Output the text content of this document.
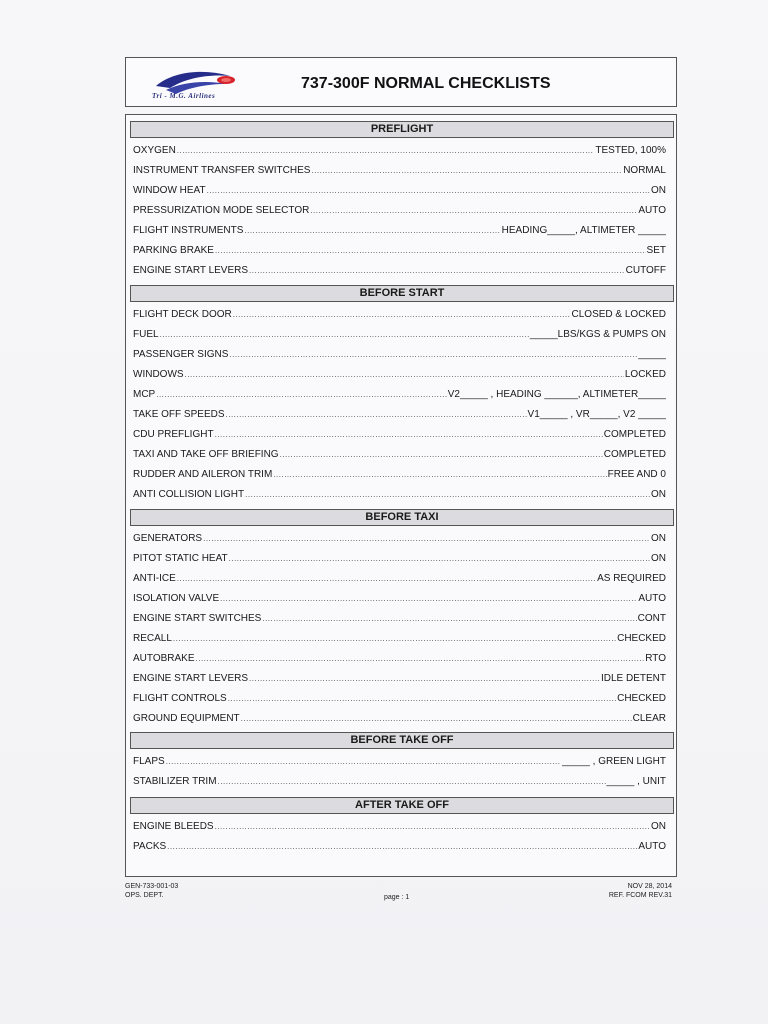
Tri - M.G. Airlines
737-300F NORMAL CHECKLISTS
PREFLIGHT
OXYGEN .....	TESTED, 100%
INSTRUMENT TRANSFER SWITCHES .....	NORMAL
WINDOW HEAT .....	ON
PRESSURIZATION MODE SELECTOR .....	AUTO
FLIGHT INSTRUMENTS .....	HEADING_____, ALTIMETER _____
PARKING BRAKE .....	SET
ENGINE START LEVERS .....	CUTOFF
BEFORE START
FLIGHT DECK DOOR .....	CLOSED & LOCKED
FUEL .....	_____LBS/KGS & PUMPS ON
PASSENGER SIGNS .....	_____
WINDOWS .....	LOCKED
MCP .....	V2_____ , HEADING ______, ALTIMETER_____
TAKE OFF SPEEDS .....	V1_____ , VR_____, V2 _____
CDU PREFLIGHT .....	COMPLETED
TAXI AND TAKE OFF BRIEFING .....	COMPLETED
RUDDER AND AILERON TRIM .....	FREE AND 0
ANTI COLLISION LIGHT .....	ON
BEFORE TAXI
GENERATORS .....	ON
PITOT STATIC HEAT .....	ON
ANTI-ICE .....	AS REQUIRED
ISOLATION VALVE .....	AUTO
ENGINE START SWITCHES .....	CONT
RECALL .....	CHECKED
AUTOBRAKE .....	RTO
ENGINE START LEVERS .....	IDLE DETENT
FLIGHT CONTROLS .....	CHECKED
GROUND EQUIPMENT .....	CLEAR
BEFORE TAKE OFF
FLAPS .....	_____ , GREEN LIGHT
STABILIZER TRIM .....	_____ , UNIT
AFTER TAKE OFF
ENGINE BLEEDS .....	ON
PACKS .....	AUTO
GEN-733-001-03
OPS. DEPT.	page : 1
NOV 28, 2014
REF. FCOM REV.31
